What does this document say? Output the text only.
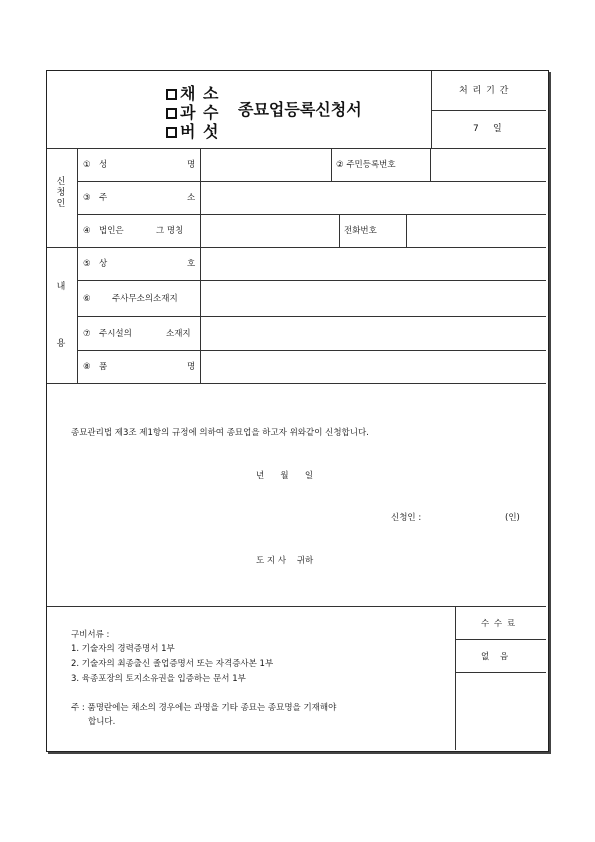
채 소
과 수
버 섯
종묘업등록신청서
처 리 기 간
7     일
신
청
인
내
용
① 성	명	② 주민등록번호
③ 주	소
④ 법인은	그 명칭	전화번호
⑤ 상	호
⑥	주사무소의소재지
⑦ 주시설의	소재지
⑧ 품	명
종묘관리법 제3조 제1항의 규정에 의하여 종묘업을 하고자 위와같이 신청합니다.
년      월      일
신청인 :	(인)
도 지 사    귀하
수 수 료
없    음
구비서류 :
1. 기술자의 경력증명서 1부
2. 기술자의 최종출신 졸업증명서 또는 자격증사본 1부
3. 육종포장의 토지소유권을 입증하는 문서 1부
주 : 품명란에는 채소의 경우에는 과명을 기타 종묘는 종묘명을 기재해야
합니다.
